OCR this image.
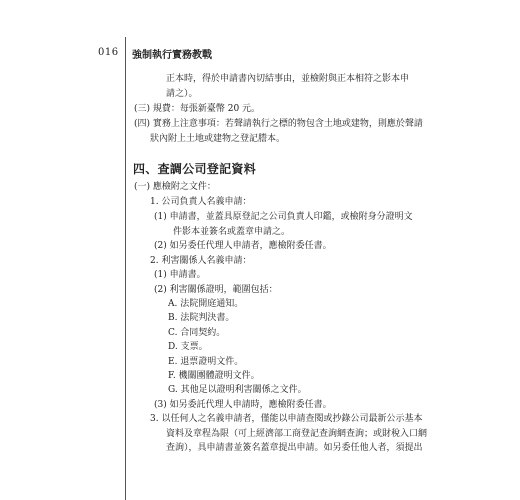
016 強制執行實務教戰
正本時，得於申請書內切結事由，並檢附與正本相符之影本申
請之）。
(三) 規費：每張新臺幣 20 元。
(四) 實務上注意事項：若聲請執行之標的物包含土地或建物，則應於聲請
狀內附上土地或建物之登記謄本。
四、查調公司登記資料
(一) 應檢附之文件：
1. 公司負責人名義申請：
(1) 申請書，並蓋具原登記之公司負責人印鑑，或檢附身分證明文
件影本並簽名或蓋章申請之。
(2) 如另委任代理人申請者，應檢附委任書。
2. 利害關係人名義申請：
(1) 申請書。
(2) 利害關係證明，範圍包括：
A. 法院開庭通知。
B. 法院判決書。
C. 合同契約。
D. 支票。
E. 退票證明文件。
F. 機關團體證明文件。
G. 其他足以證明利害關係之文件。
(3) 如另委託代理人申請時，應檢附委任書。
3. 以任何人之名義申請者，僅能以申請查閱或抄錄公司最新公示基本
資料及章程為限（可上經濟部工商登記查詢網查詢；或財稅入口網
查詢），具申請書並簽名蓋章提出申請。如另委任他人者，須提出
